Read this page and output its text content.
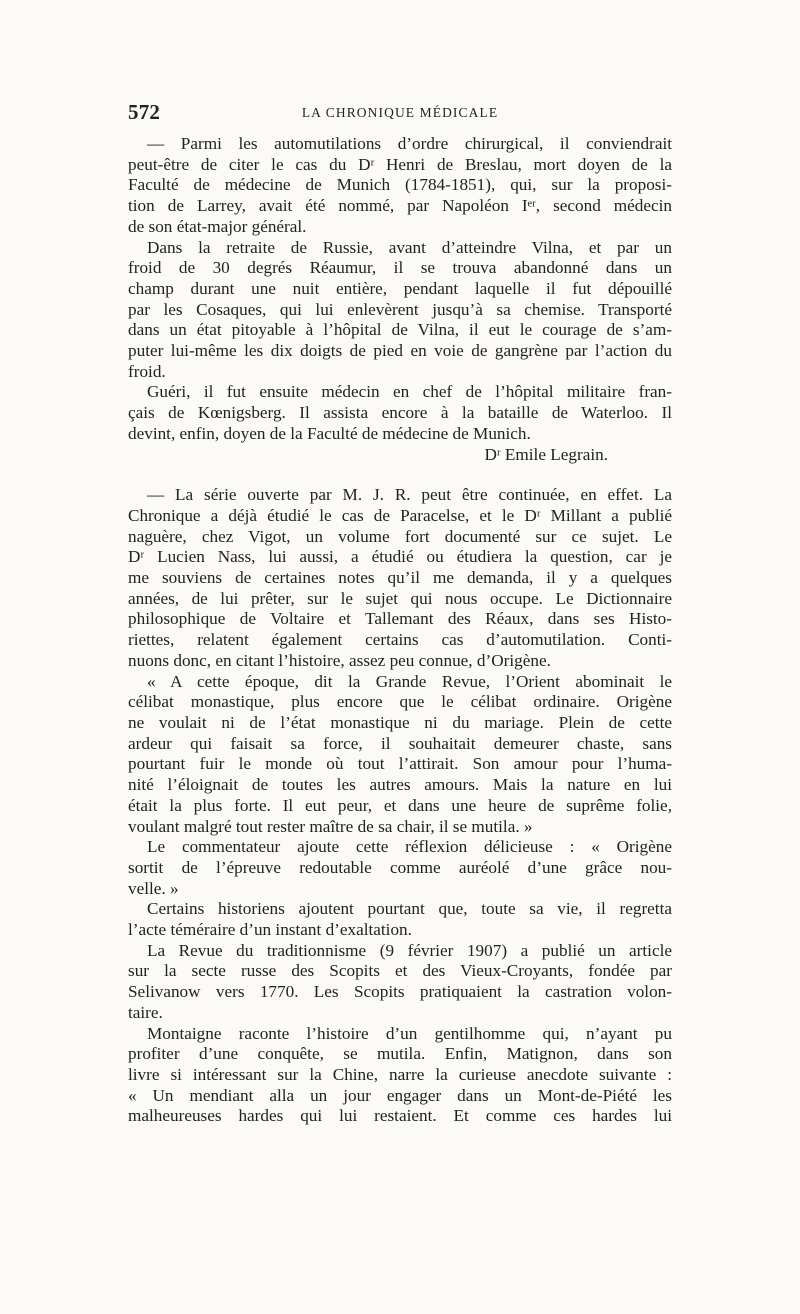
572	LA CHRONIQUE MÉDICALE
— Parmi les automutilations d’ordre chirurgical, il conviendrait
peut-être de citer le cas du Dʳ Henri de Breslau, mort doyen de la
Faculté de médecine de Munich (1784-1851), qui, sur la proposi-
tion de Larrey, avait été nommé, par Napoléon Iᵉʳ, second médecin
de son état-major général.
Dans la retraite de Russie, avant d’atteindre Vilna, et par un
froid de 30 degrés Réaumur, il se trouva abandonné dans un
champ durant une nuit entière, pendant laquelle il fut dépouillé
par les Cosaques, qui lui enlevèrent jusqu’à sa chemise. Transporté
dans un état pitoyable à l’hôpital de Vilna, il eut le courage de s’am-
puter lui-même les dix doigts de pied en voie de gangrène par l’action du
froid.
Guéri, il fut ensuite médecin en chef de l’hôpital militaire fran-
çais de Kœnigsberg. Il assista encore à la bataille de Waterloo. Il
devint, enfin, doyen de la Faculté de médecine de Munich.
Dʳ Emile Legrain.
— La série ouverte par M. J. R. peut être continuée, en effet. La
Chronique a déjà étudié le cas de Paracelse, et le Dʳ Millant a publié
naguère, chez Vigot, un volume fort documenté sur ce sujet. Le
Dʳ Lucien Nass, lui aussi, a étudié ou étudiera la question, car je
me souviens de certaines notes qu’il me demanda, il y a quelques
années, de lui prêter, sur le sujet qui nous occupe. Le Dictionnaire
philosophique de Voltaire et Tallemant des Réaux, dans ses Histo-
riettes, relatent également certains cas d’automutilation. Conti-
nuons donc, en citant l’histoire, assez peu connue, d’Origène.
« A cette époque, dit la Grande Revue, l’Orient abominait le
célibat monastique, plus encore que le célibat ordinaire. Origène
ne voulait ni de l’état monastique ni du mariage. Plein de cette
ardeur qui faisait sa force, il souhaitait demeurer chaste, sans
pourtant fuir le monde où tout l’attirait. Son amour pour l’huma-
nité l’éloignait de toutes les autres amours. Mais la nature en lui
était la plus forte. Il eut peur, et dans une heure de suprême folie,
voulant malgré tout rester maître de sa chair, il se mutila. »
Le commentateur ajoute cette réflexion délicieuse : « Origène
sortit de l’épreuve redoutable comme auréolé d’une grâce nou-
velle. »
Certains historiens ajoutent pourtant que, toute sa vie, il regretta
l’acte téméraire d’un instant d’exaltation.
La Revue du traditionnisme (9 février 1907) a publié un article
sur la secte russe des Scopits et des Vieux-Croyants, fondée par
Selivanow vers 1770. Les Scopits pratiquaient la castration volon-
taire.
Montaigne raconte l’histoire d’un gentilhomme qui, n’ayant pu
profiter d’une conquête, se mutila. Enfin, Matignon, dans son
livre si intéressant sur la Chine, narre la curieuse anecdote suivante :
« Un mendiant alla un jour engager dans un Mont-de-Piété les
malheureuses hardes qui lui restaient. Et comme ces hardes lui
